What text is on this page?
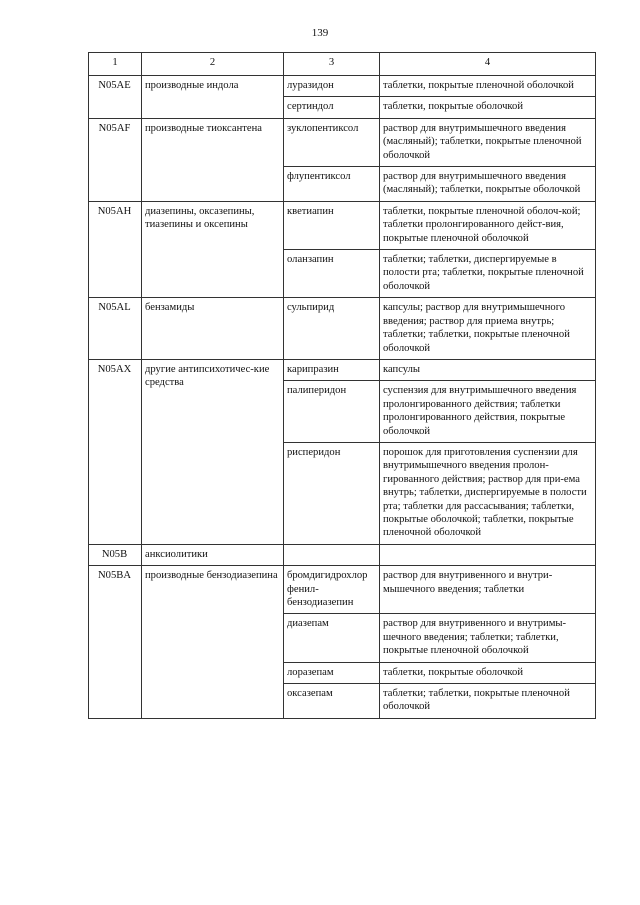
139
1	2	3	4
N05AE	производные индола	луразидон	таблетки, покрытые пленочной оболочкой
		сертиндол	таблетки, покрытые оболочкой
N05AF	производные тиоксантена	зуклопентиксол	раствор для внутримышечного введения (масляный); таблетки, покрытые пленочной оболочкой
		флупентиксол	раствор для внутримышечного введения (масляный); таблетки, покрытые оболочкой
N05AH	диазепины, оксазепины, тиазепины и оксепины	кветиапин	таблетки, покрытые пленочной оболоч-кой; таблетки пролонгированного дейст-вия, покрытые пленочной оболочкой
		оланзапин	таблетки; таблетки, диспергируемые в полости рта; таблетки, покрытые пленочной оболочкой
N05AL	бензамиды	сульпирид	капсулы; раствор для внутримышечного введения; раствор для приема внутрь; таблетки; таблетки, покрытые пленочной оболочкой
N05AX	другие антипсихотичес-кие средства	карипразин	капсулы
		палиперидон	суспензия для внутримышечного введения пролонгированного действия; таблетки пролонгированного действия, покрытые оболочкой
		рисперидон	порошок для приготовления суспензии для внутримышечного введения пролон-гированного действия; раствор для при-ема внутрь; таблетки, диспергируемые в полости рта; таблетки для рассасывания; таблетки, покрытые оболочкой; таблетки, покрытые пленочной оболочкой
N05B	анксиолитики		
N05BA	производные бензодиазепина	бромдигидрохлор фенил-бензодиазепин	раствор для внутривенного и внутри-мышечного введения; таблетки
		диазепам	раствор для внутривенного и внутримы-шечного введения; таблетки; таблетки, покрытые пленочной оболочкой
		лоразепам	таблетки, покрытые оболочкой
		оксазепам	таблетки; таблетки, покрытые пленочной оболочкой
